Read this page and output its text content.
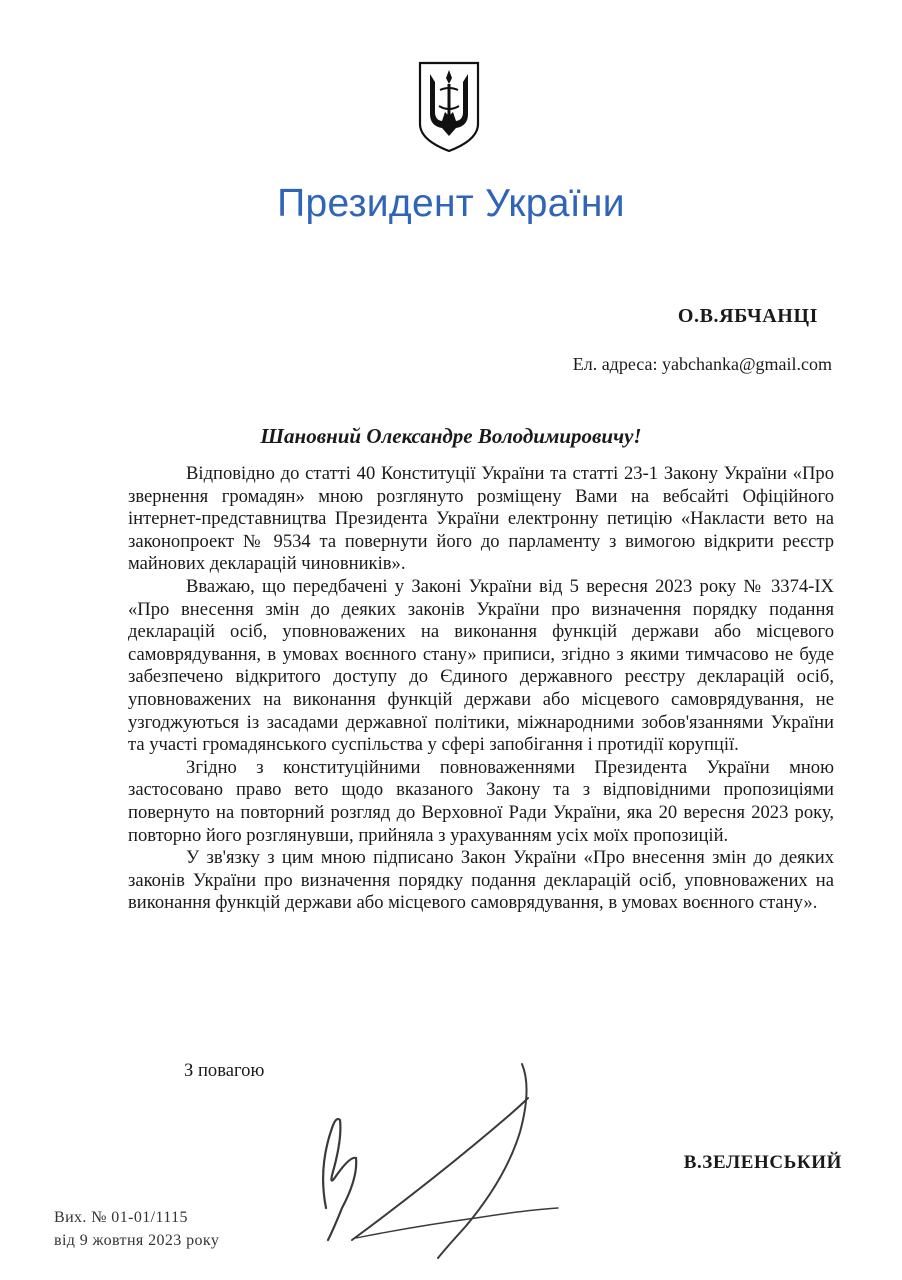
Президент України
О.В.ЯБЧАНЦІ
Ел. адреса: yabchanka@gmail.com
Шановний Олександре Володимировичу!

Відповідно до статті 40 Конституції України та статті 23-1 Закону України «Про звернення громадян» мною розглянуто розміщену Вами на вебсайті Офіційного інтернет-представництва Президента України електронну петицію «Накласти вето на законопроект № 9534 та повернути його до парламенту з вимогою відкрити реєстр майнових декларацій чиновників».

Вважаю, що передбачені у Законі України від 5 вересня 2023 року № 3374-IX «Про внесення змін до деяких законів України про визначення порядку подання декларацій осіб, уповноважених на виконання функцій держави або місцевого самоврядування, в умовах воєнного стану» приписи, згідно з якими тимчасово не буде забезпечено відкритого доступу до Єдиного державного реєстру декларацій осіб, уповноважених на виконання функцій держави або місцевого самоврядування, не узгоджуються із засадами державної політики, міжнародними зобов'язаннями України та участі громадянського суспільства у сфері запобігання і протидії корупції.

Згідно з конституційними повноваженнями Президента України мною застосовано право вето щодо вказаного Закону та з відповідними пропозиціями повернуто на повторний розгляд до Верховної Ради України, яка 20 вересня 2023 року, повторно його розглянувши, прийняла з урахуванням усіх моїх пропозицій.

У зв'язку з цим мною підписано Закон України «Про внесення змін до деяких законів України про визначення порядку подання декларацій осіб, уповноважених на виконання функцій держави або місцевого самоврядування, в умовах воєнного стану».

З повагою
В.ЗЕЛЕНСЬКИЙ
Вих. № 01-01/1115
від 9 жовтня 2023 року
